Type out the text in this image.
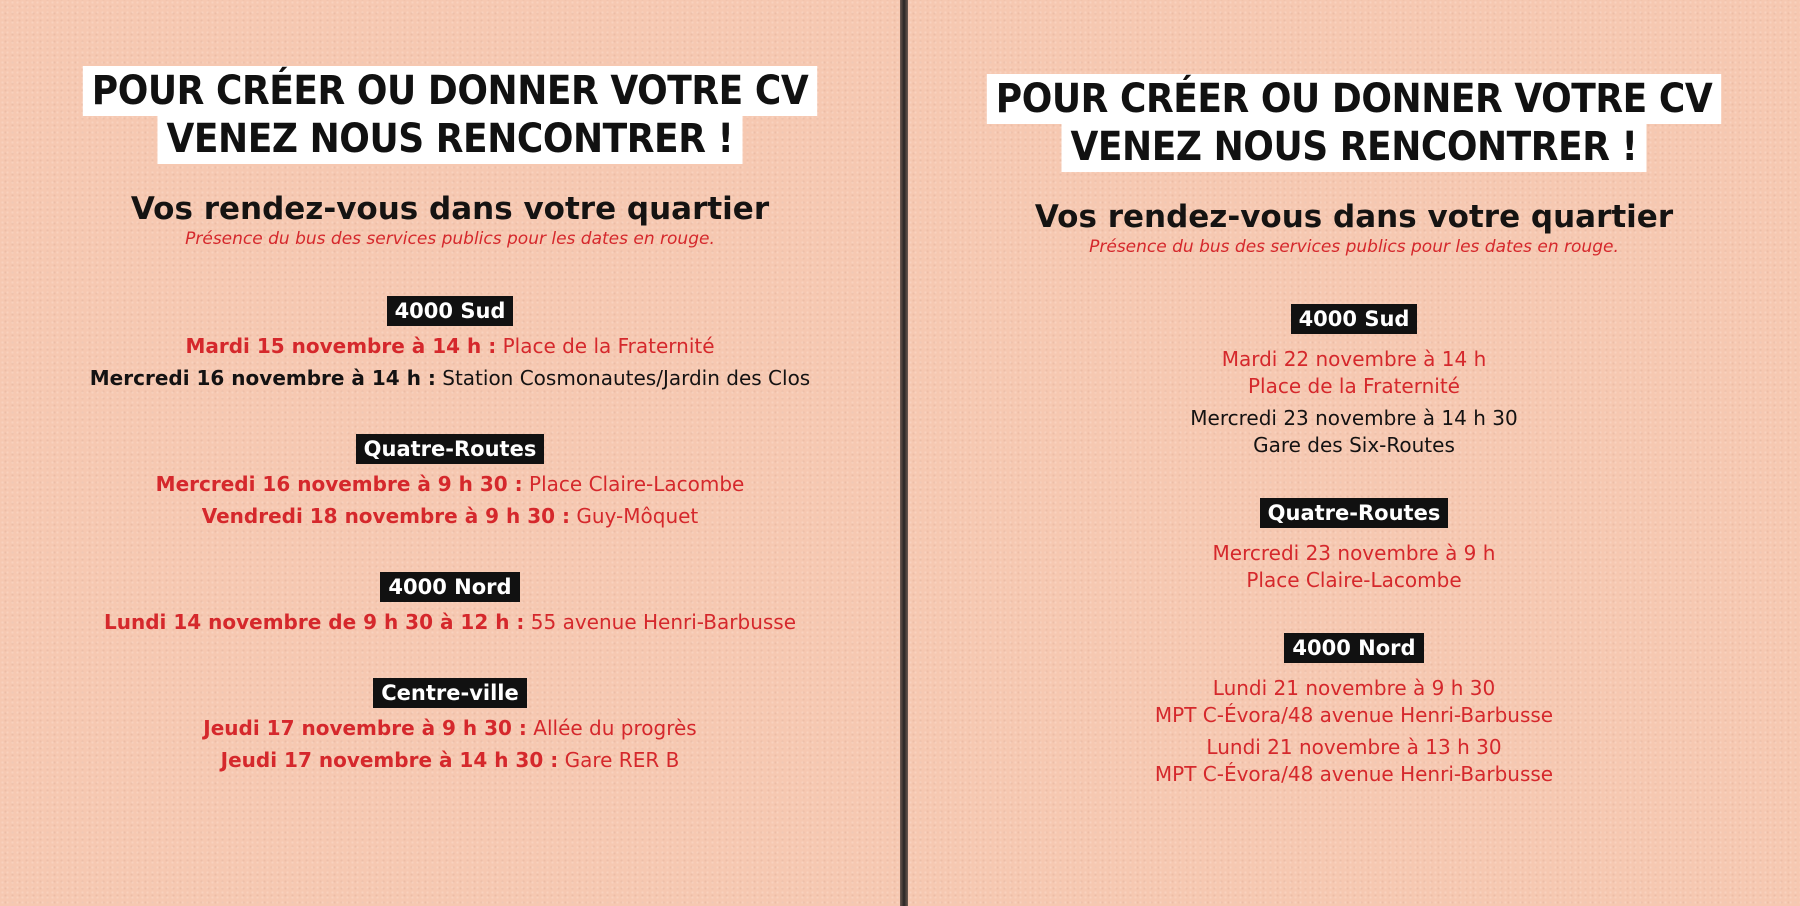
POUR CRÉER OU DONNER VOTRE CV
VENEZ NOUS RENCONTRER !
Vos rendez-vous dans votre quartier
Présence du bus des services publics pour les dates en rouge.
4000 Sud
Mardi 15 novembre à 14 h : Place de la Fraternité
Mercredi 16 novembre à 14 h : Station Cosmonautes/Jardin des Clos
Quatre-Routes
Mercredi 16 novembre à 9 h 30 : Place Claire-Lacombe
Vendredi 18 novembre à 9 h 30 : Guy-Môquet
4000 Nord
Lundi 14 novembre de 9 h 30 à 12 h : 55 avenue Henri-Barbusse
Centre-ville
Jeudi 17 novembre à 9 h 30 : Allée du progrès
Jeudi 17 novembre à 14 h 30 : Gare RER B
POUR CRÉER OU DONNER VOTRE CV
VENEZ NOUS RENCONTRER !
Vos rendez-vous dans votre quartier
Présence du bus des services publics pour les dates en rouge.
4000 Sud
Mardi 22 novembre à 14 h
Place de la Fraternité
Mercredi 23 novembre à 14 h 30
Gare des Six-Routes
Quatre-Routes
Mercredi 23 novembre à 9 h
Place Claire-Lacombe
4000 Nord
Lundi 21 novembre à 9 h 30
MPT C-Évora/48 avenue Henri-Barbusse
Lundi 21 novembre à 13 h 30
MPT C-Évora/48 avenue Henri-Barbusse
